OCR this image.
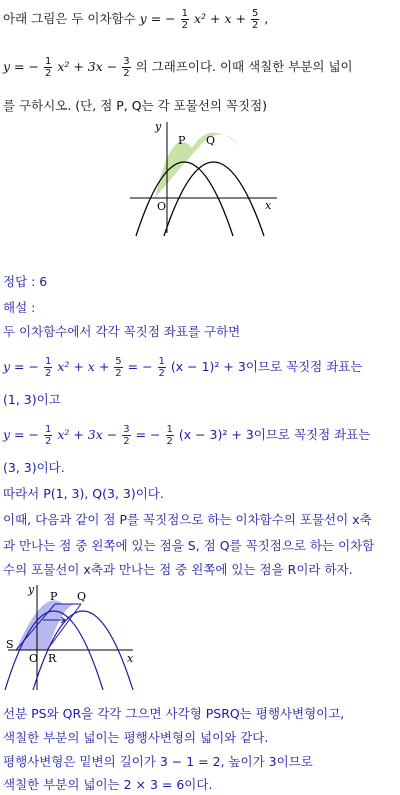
아래 그림은 두 이차함수 y = − $\frac{1}{2} x^2 + x + \frac{5}{2}$ ,
y = − $\frac{1}{2} x^2 + 3x - \frac{3}{2}$ 의 그래프이다. 이때 색칠한 부분의 넓이
를 구하시오. (단, 점 P, Q는 각 포물선의 꼭짓점)
y
x
O
P Q
정답 : 6
해설 :
두 이차함수에서 각각 꼭짓점 좌표를 구하면
y = − $\frac{1}{2} x^2 + x + \frac{5}{2}$ = − $\frac{1}{2} (x - 1)^2 + 3$이므로 꼭짓점 좌표는
(1, 3)이고
y = − $\frac{1}{2} x^2 + 3x - \frac{3}{2}$ = − $\frac{1}{2} (x - 3)^2 + 3$이므로 꼭짓점 좌표는
(3, 3)이다.
따라서 P(1, 3), Q(3, 3)이다.
이때, 다음과 같이 점 P를 꼭짓점으로 하는 이차함수의 포물선이 x축
과 만나는 점 중 왼쪽에 있는 점을 S, 점 Q를 꼭짓점으로 하는 이차함
수의 포물선이 x축과 만나는 점 중 왼쪽에 있는 점을 R이라 하자.
y
x
O
S
R
P Q
선분 PS와 QR을 각각 그으면 사각형 PSRQ는 평행사변형이고,
색칠한 부분의 넓이는 평행사변형의 넓이와 같다.
평행사변형은 밑변의 길이가 3 − 1 = 2, 높이가 3이므로
색칠한 부분의 넓이는 2 × 3 = 6이다.
